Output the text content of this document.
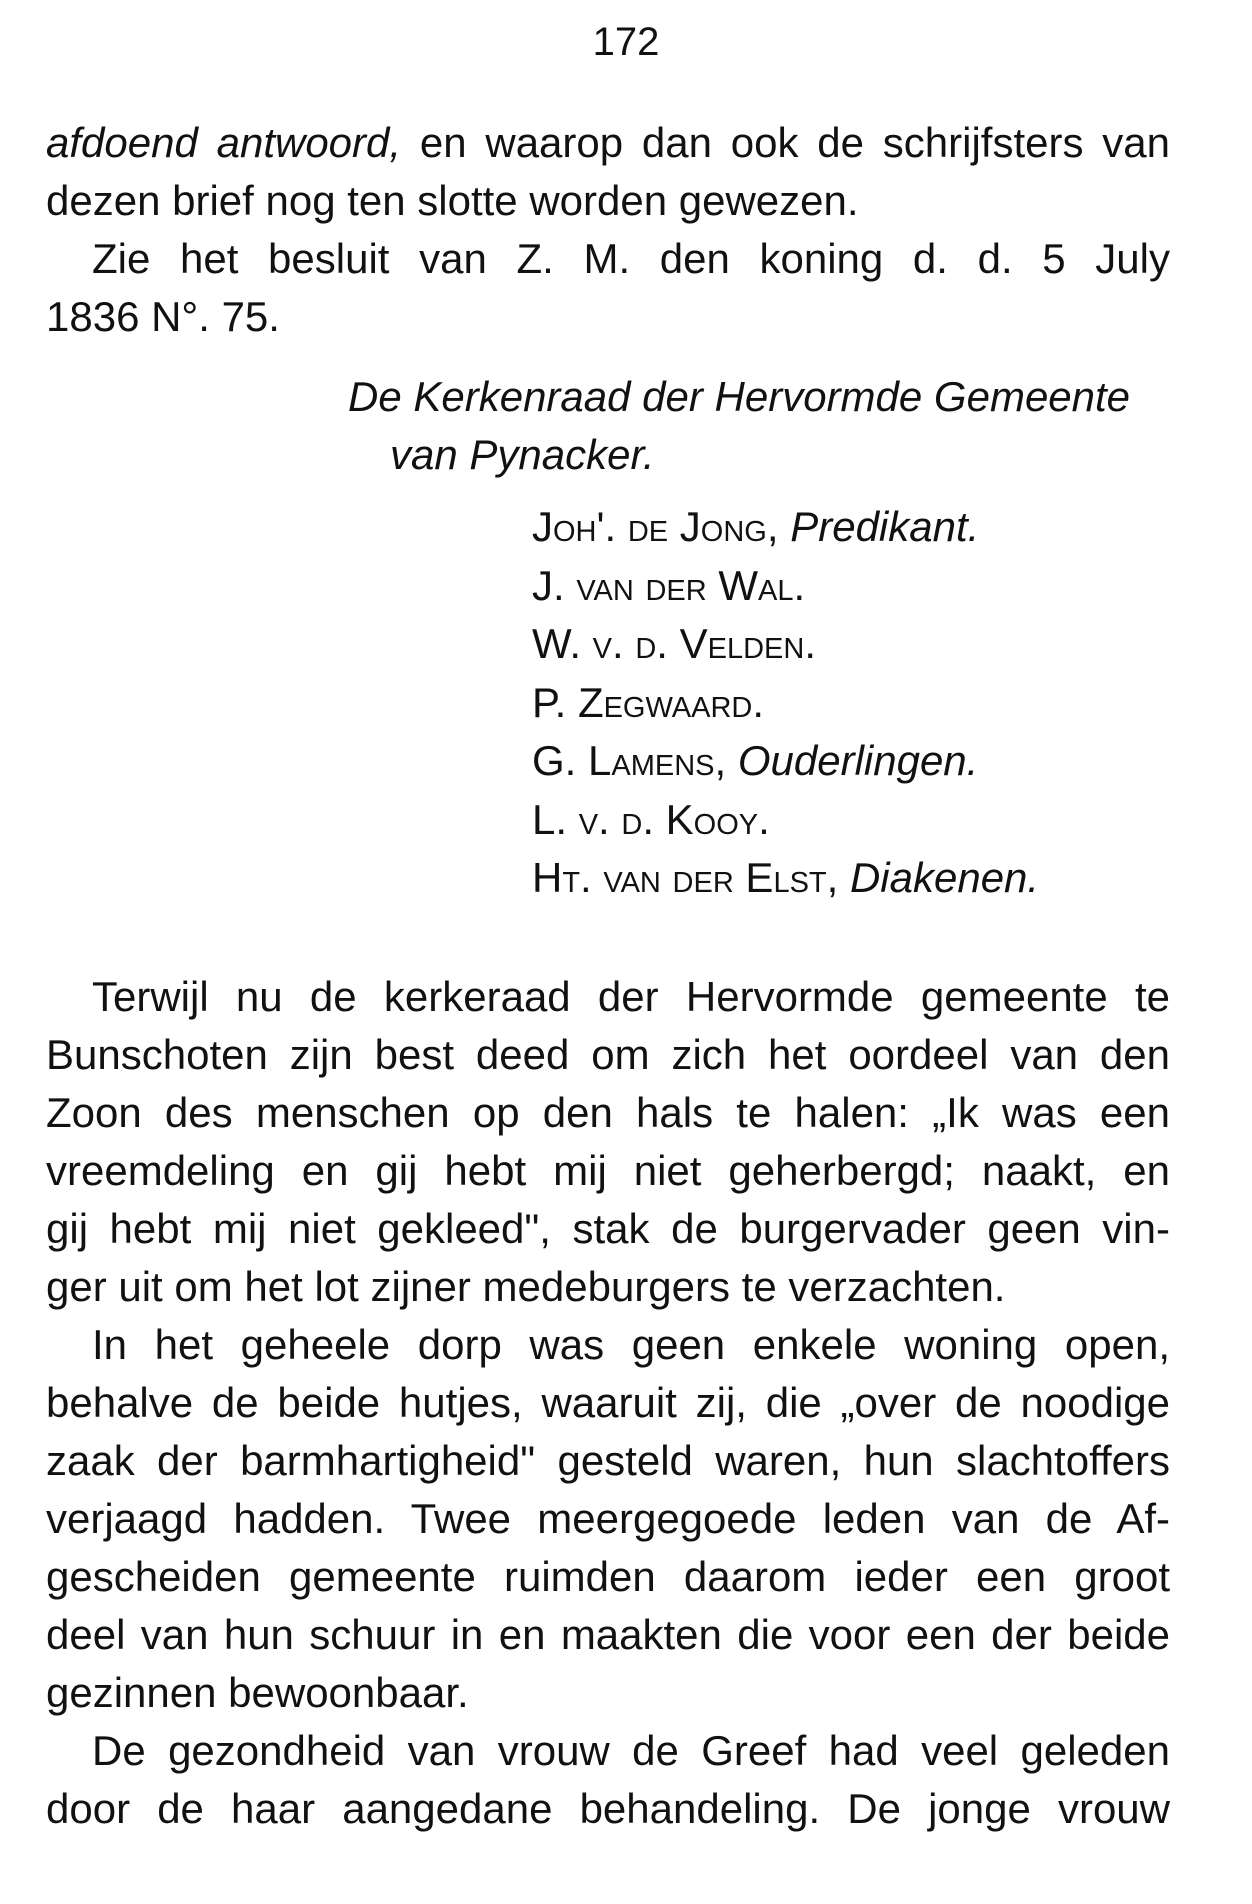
172
afdoend antwoord, en waarop dan ook de schrijfsters van
dezen brief nog ten slotte worden gewezen.
Zie het besluit van Z. M. den koning d. d. 5 July
1836 N°. 75.
De Kerkenraad der Hervormde Gemeente
van Pynacker.
Joh'. de Jong, Predikant.
J. van der Wal.
W. v. d. Velden.
P. Zegwaard.
G. Lamens, Ouderlingen.
L. v. d. Kooy.
Ht. van der Elst, Diakenen.
Terwijl nu de kerkeraad der Hervormde gemeente te
Bunschoten zijn best deed om zich het oordeel van den
Zoon des menschen op den hals te halen: „Ik was een
vreemdeling en gij hebt mij niet geherbergd; naakt, en
gij hebt mij niet gekleed", stak de burgervader geen vin-
ger uit om het lot zijner medeburgers te verzachten.
In het geheele dorp was geen enkele woning open,
behalve de beide hutjes, waaruit zij, die „over de noodige
zaak der barmhartigheid" gesteld waren, hun slachtoffers
verjaagd hadden. Twee meergegoede leden van de Af-
gescheiden gemeente ruimden daarom ieder een groot
deel van hun schuur in en maakten die voor een der beide
gezinnen bewoonbaar.
De gezondheid van vrouw de Greef had veel geleden
door de haar aangedane behandeling. De jonge vrouw
